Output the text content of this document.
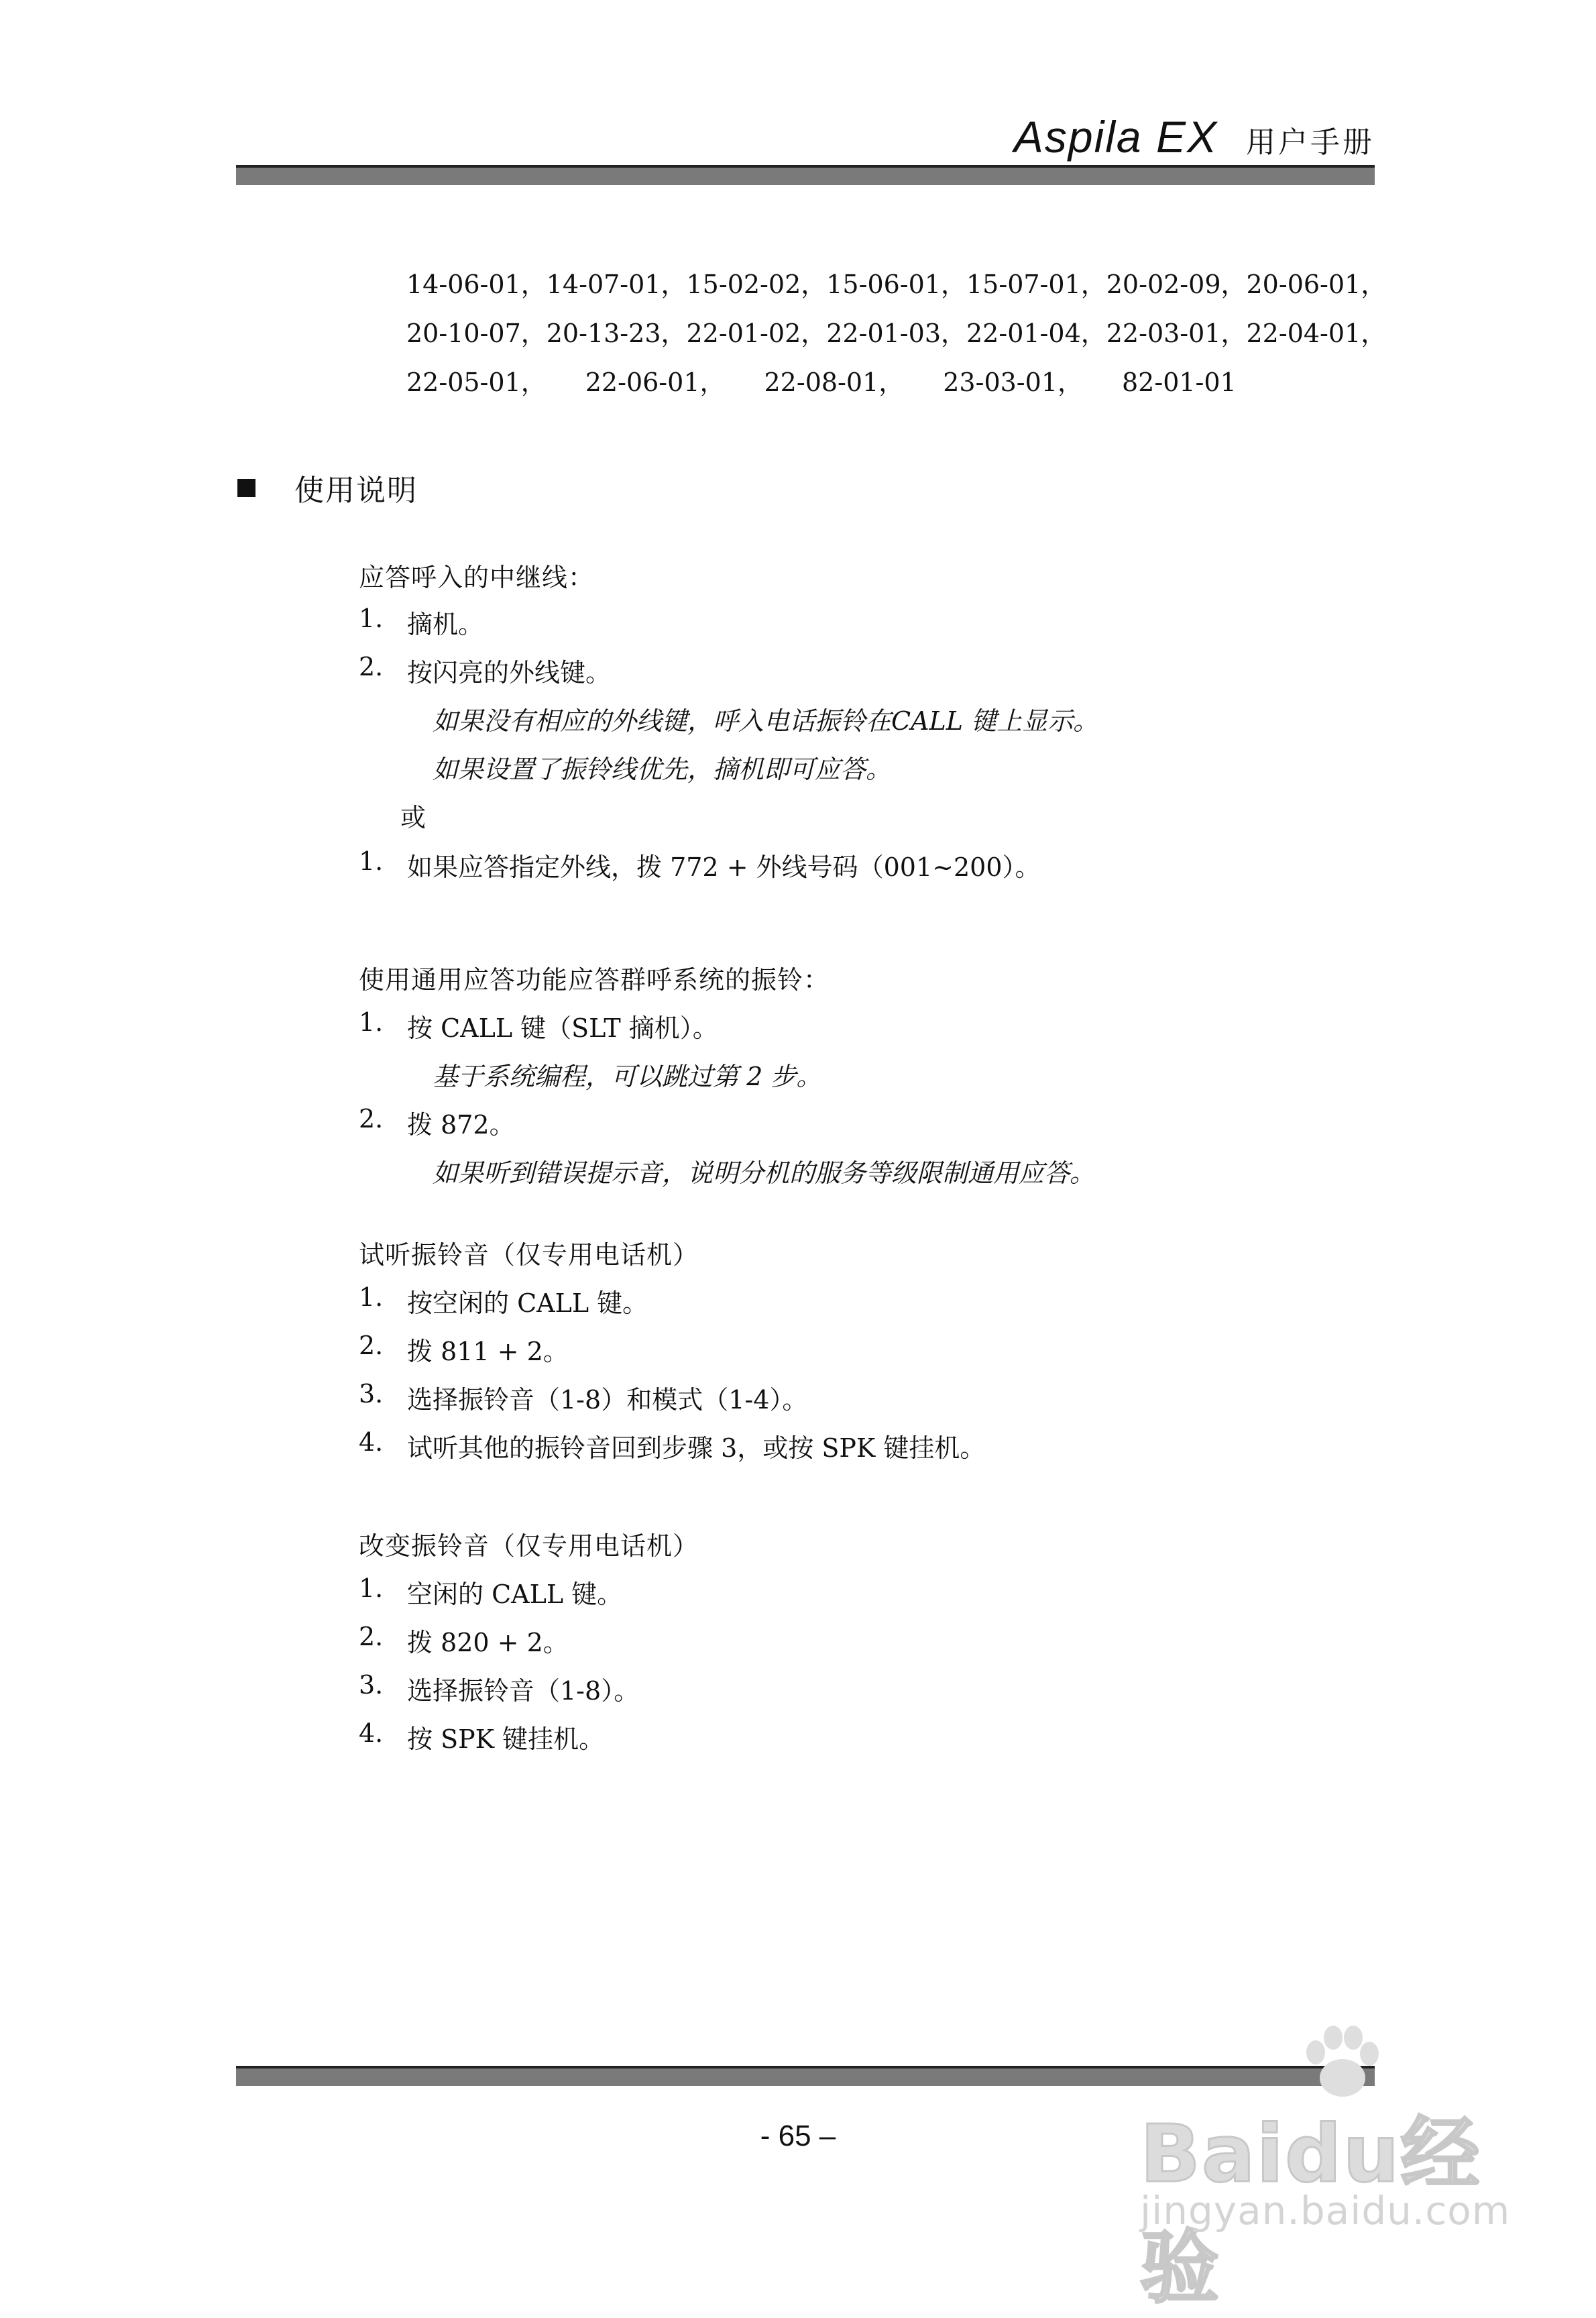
Aspila EX 用户手册
14-06-01， 14-07-01， 15-02-02， 15-06-01， 15-07-01， 20-02-09， 20-06-01，
20-10-07， 20-13-23， 22-01-02， 22-01-03， 22-01-04， 22-03-01， 22-04-01，
22-05-01， 22-06-01， 22-08-01， 23-03-01， 82-01-01
使用说明
应答呼入的中继线：
1. 摘机。
2. 按闪亮的外线键。
如果没有相应的外线键，呼入电话振铃在CALL 键上显示。
如果设置了振铃线优先，摘机即可应答。
或
1. 如果应答指定外线，拨 772 + 外线号码（001~200）。
使用通用应答功能应答群呼系统的振铃：
1. 按 CALL 键（SLT 摘机）。
基于系统编程，可以跳过第 2 步。
2. 拨 872。
如果听到错误提示音，说明分机的服务等级限制通用应答。
试听振铃音（仅专用电话机）
1. 按空闲的 CALL 键。
2. 拨 811 + 2。
3. 选择振铃音（1-8）和模式（1-4）。
4. 试听其他的振铃音回到步骤 3，或按 SPK 键挂机。
改变振铃音（仅专用电话机）
1. 空闲的 CALL 键。
2. 拨 820 + 2。
3. 选择振铃音（1-8）。
4. 按 SPK 键挂机。
- 65 –	Baidu经验
jingyan.baidu.com
